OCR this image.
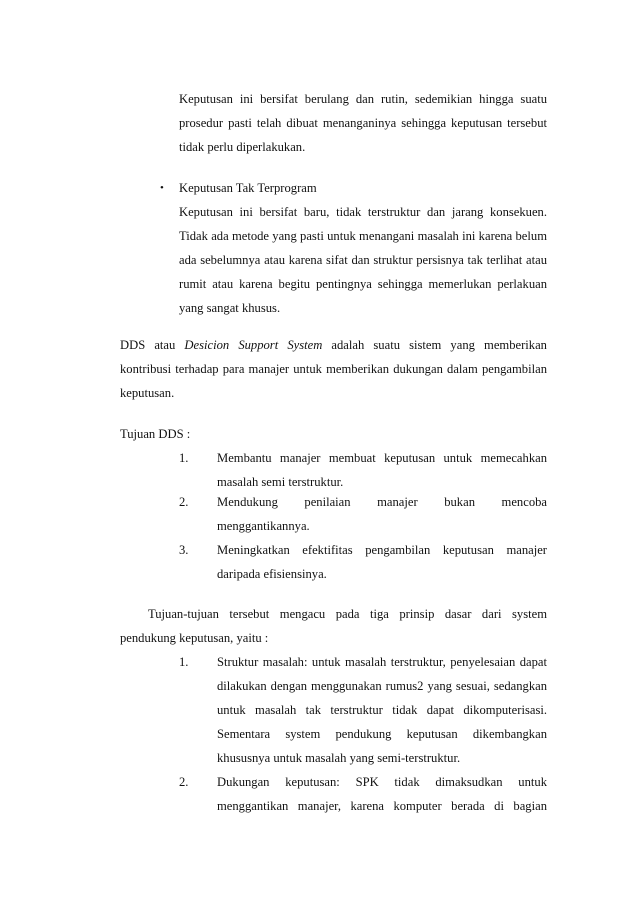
Keputusan ini bersifat berulang dan rutin, sedemikian hingga suatu
prosedur pasti telah dibuat menanganinya sehingga keputusan tersebut
tidak perlu diperlakukan.
• Keputusan Tak Terprogram
Keputusan ini bersifat baru, tidak terstruktur dan jarang konsekuen.
Tidak ada metode yang pasti untuk menangani masalah ini karena belum
ada sebelumnya atau karena sifat dan struktur persisnya tak terlihat atau
rumit atau karena begitu pentingnya sehingga memerlukan perlakuan
yang sangat khusus.
DDS atau Desicion Support System adalah suatu sistem yang memberikan
kontribusi terhadap para manajer untuk memberikan dukungan dalam pengambilan
keputusan.
Tujuan DDS :
1. Membantu manajer membuat keputusan untuk memecahkan
masalah semi terstruktur.
2. Mendukung penilaian manajer bukan mencoba
menggantikannya.
3. Meningkatkan efektifitas pengambilan keputusan manajer
daripada efisiensinya.
Tujuan-tujuan tersebut mengacu pada tiga prinsip dasar dari system
pendukung keputusan, yaitu :
1. Struktur masalah: untuk masalah terstruktur, penyelesaian dapat
dilakukan dengan menggunakan rumus2 yang sesuai, sedangkan
untuk masalah tak terstruktur tidak dapat dikomputerisasi.
Sementara system pendukung keputusan dikembangkan
khususnya untuk masalah yang semi-terstruktur.
2. Dukungan keputusan: SPK tidak dimaksudkan untuk
menggantikan manajer, karena komputer berada di bagian
